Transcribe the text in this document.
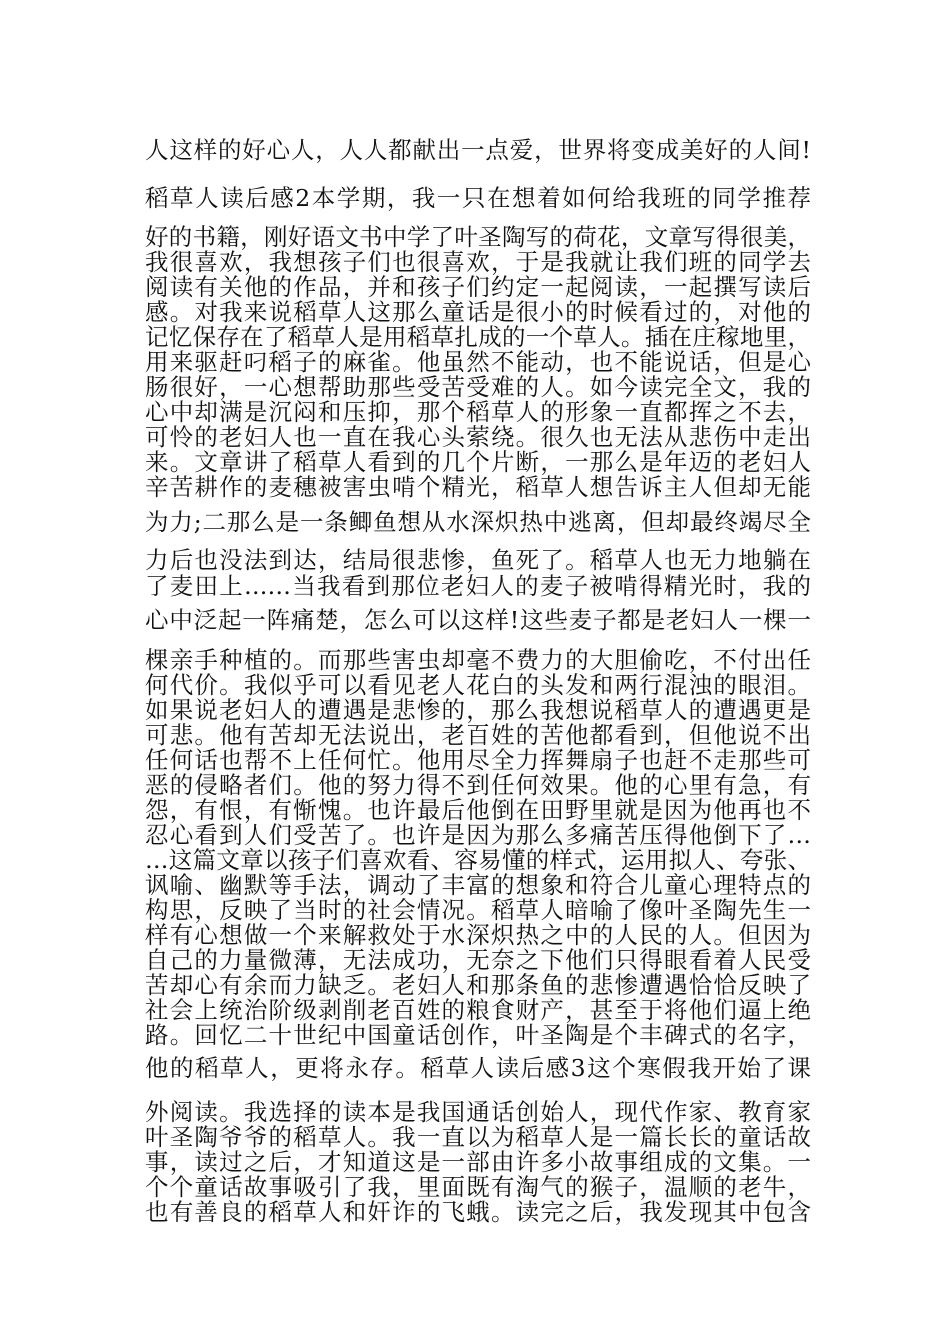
人这样的好心人，人人都献出一点爱，世界将变成美好的人间!
稻草人读后感2本学期，我一只在想着如何给我班的同学推荐
好的书籍，刚好语文书中学了叶圣陶写的荷花，文章写得很美，
我很喜欢，我想孩子们也很喜欢，于是我就让我们班的同学去
阅读有关他的作品，并和孩子们约定一起阅读，一起撰写读后
感。对我来说稻草人这那么童话是很小的时候看过的，对他的
记忆保存在了稻草人是用稻草扎成的一个草人。插在庄稼地里，
用来驱赶叼稻子的麻雀。他虽然不能动，也不能说话，但是心
肠很好，一心想帮助那些受苦受难的人。如今读完全文，我的
心中却满是沉闷和压抑，那个稻草人的形象一直都挥之不去，
可怜的老妇人也一直在我心头萦绕。很久也无法从悲伤中走出
来。文章讲了稻草人看到的几个片断，一那么是年迈的老妇人
辛苦耕作的麦穗被害虫啃个精光，稻草人想告诉主人但却无能
为力;二那么是一条鲫鱼想从水深炽热中逃离，但却最终竭尽全
力后也没法到达，结局很悲惨，鱼死了。稻草人也无力地躺在
了麦田上……当我看到那位老妇人的麦子被啃得精光时，我的
心中泛起一阵痛楚，怎么可以这样!这些麦子都是老妇人一棵一
棵亲手种植的。而那些害虫却毫不费力的大胆偷吃，不付出任
何代价。我似乎可以看见老人花白的头发和两行混浊的眼泪。
如果说老妇人的遭遇是悲惨的，那么我想说稻草人的遭遇更是
可悲。他有苦却无法说出，老百姓的苦他都看到，但他说不出
任何话也帮不上任何忙。他用尽全力挥舞扇子也赶不走那些可
恶的侵略者们。他的努力得不到任何效果。他的心里有急，有
怨，有恨，有惭愧。也许最后他倒在田野里就是因为他再也不
忍心看到人们受苦了。也许是因为那么多痛苦压得他倒下了…
…这篇文章以孩子们喜欢看、容易懂的样式，运用拟人、夸张、
讽喻、幽默等手法，调动了丰富的想象和符合儿童心理特点的
构思，反映了当时的社会情况。稻草人暗喻了像叶圣陶先生一
样有心想做一个来解救处于水深炽热之中的人民的人。但因为
自己的力量微薄，无法成功，无奈之下他们只得眼看着人民受
苦却心有余而力缺乏。老妇人和那条鱼的悲惨遭遇恰恰反映了
社会上统治阶级剥削老百姓的粮食财产，甚至于将他们逼上绝
路。回忆二十世纪中国童话创作，叶圣陶是个丰碑式的名字，
他的稻草人，更将永存。稻草人读后感3这个寒假我开始了课
外阅读。我选择的读本是我国通话创始人，现代作家、教育家
叶圣陶爷爷的稻草人。我一直以为稻草人是一篇长长的童话故
事，读过之后，才知道这是一部由许多小故事组成的文集。一
个个童话故事吸引了我，里面既有淘气的猴子，温顺的老牛，
也有善良的稻草人和奸诈的飞蛾。读完之后，我发现其中包含
